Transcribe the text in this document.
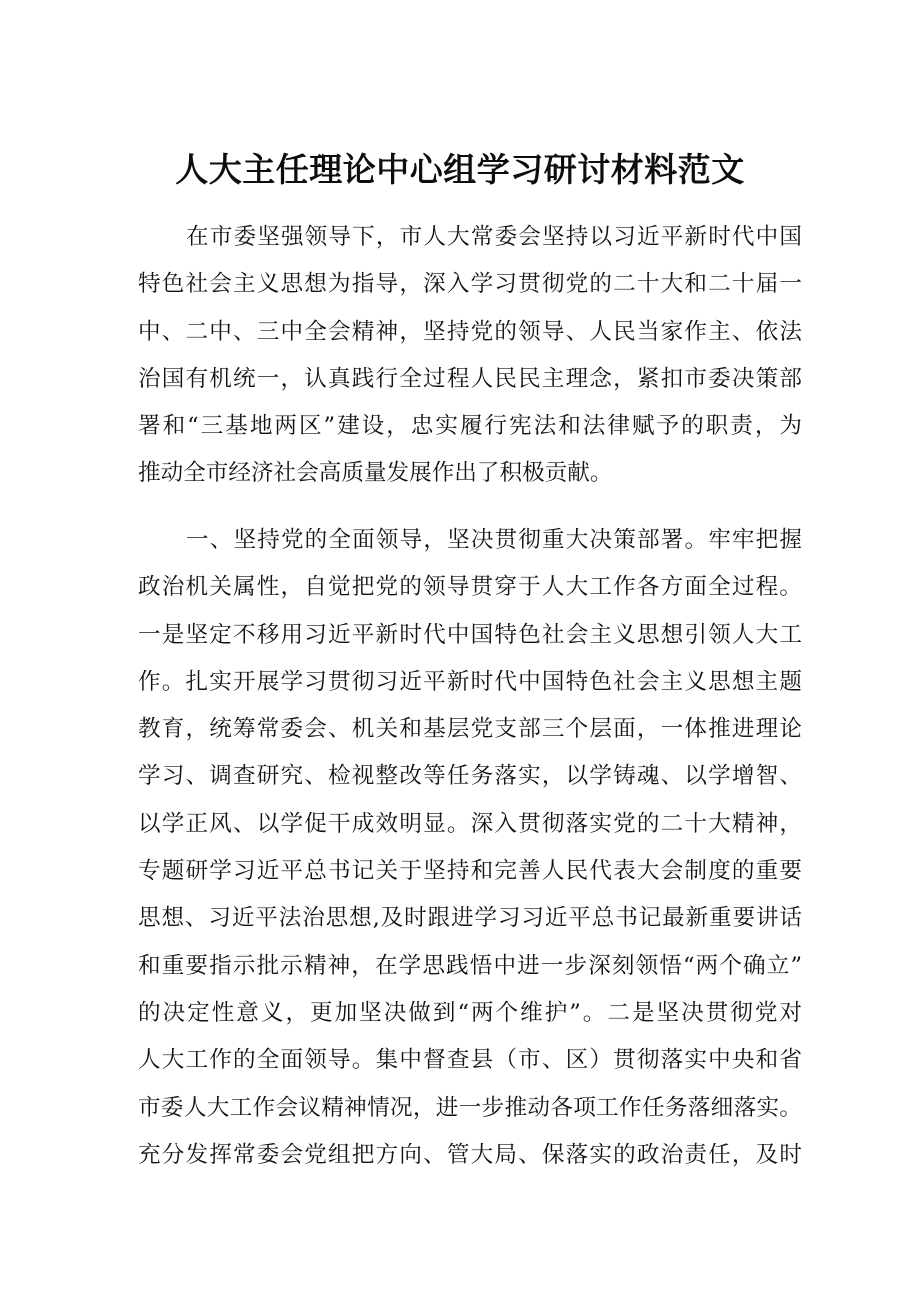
人大主任理论中心组学习研讨材料范文
在市委坚强领导下，市人大常委会坚持以习近平新时代中国
特色社会主义思想为指导，深入学习贯彻党的二十大和二十届一
中、二中、三中全会精神，坚持党的领导、人民当家作主、依法
治国有机统一，认真践行全过程人民民主理念，紧扣市委决策部
署和“三基地两区”建设，忠实履行宪法和法律赋予的职责，为
推动全市经济社会高质量发展作出了积极贡献。
一、坚持党的全面领导，坚决贯彻重大决策部署。牢牢把握
政治机关属性，自觉把党的领导贯穿于人大工作各方面全过程。
一是坚定不移用习近平新时代中国特色社会主义思想引领人大工
作。扎实开展学习贯彻习近平新时代中国特色社会主义思想主题
教育，统筹常委会、机关和基层党支部三个层面，一体推进理论
学习、调查研究、检视整改等任务落实，以学铸魂、以学增智、
以学正风、以学促干成效明显。深入贯彻落实党的二十大精神，
专题研学习近平总书记关于坚持和完善人民代表大会制度的重要
思想、习近平法治思想,及时跟进学习习近平总书记最新重要讲话
和重要指示批示精神，在学思践悟中进一步深刻领悟“两个确立”
的决定性意义，更加坚决做到“两个维护”。二是坚决贯彻党对
人大工作的全面领导。集中督查县（市、区）贯彻落实中央和省
市委人大工作会议精神情况，进一步推动各项工作任务落细落实。
充分发挥常委会党组把方向、管大局、保落实的政治责任，及时
